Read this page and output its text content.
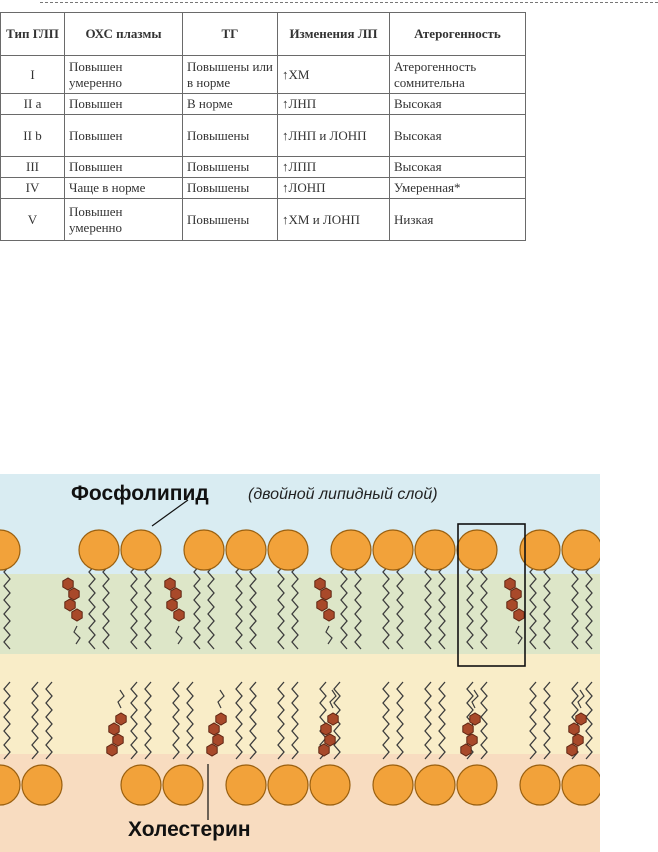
Тип ГЛП	ОХС плазмы	ТГ	Изменения ЛП	Атерогенность
I	Повышен умеренно	Повышены или в норме	↑ХМ	Атерогенность сомнительна
II a	Повышен	В норме	↑ЛНП	Высокая
II b	Повышен	Повышены	↑ЛНП и ЛОНП	Высокая
III	Повышен	Повышены	↑ЛПП	Высокая
IV	Чаще в норме	Повышены	↑ЛОНП	Умеренная*
V	Повышен умеренно	Повышены	↑ХМ и ЛОНП	Низкая
Фосфолипид (двойной липидный слой)
Холестерин
